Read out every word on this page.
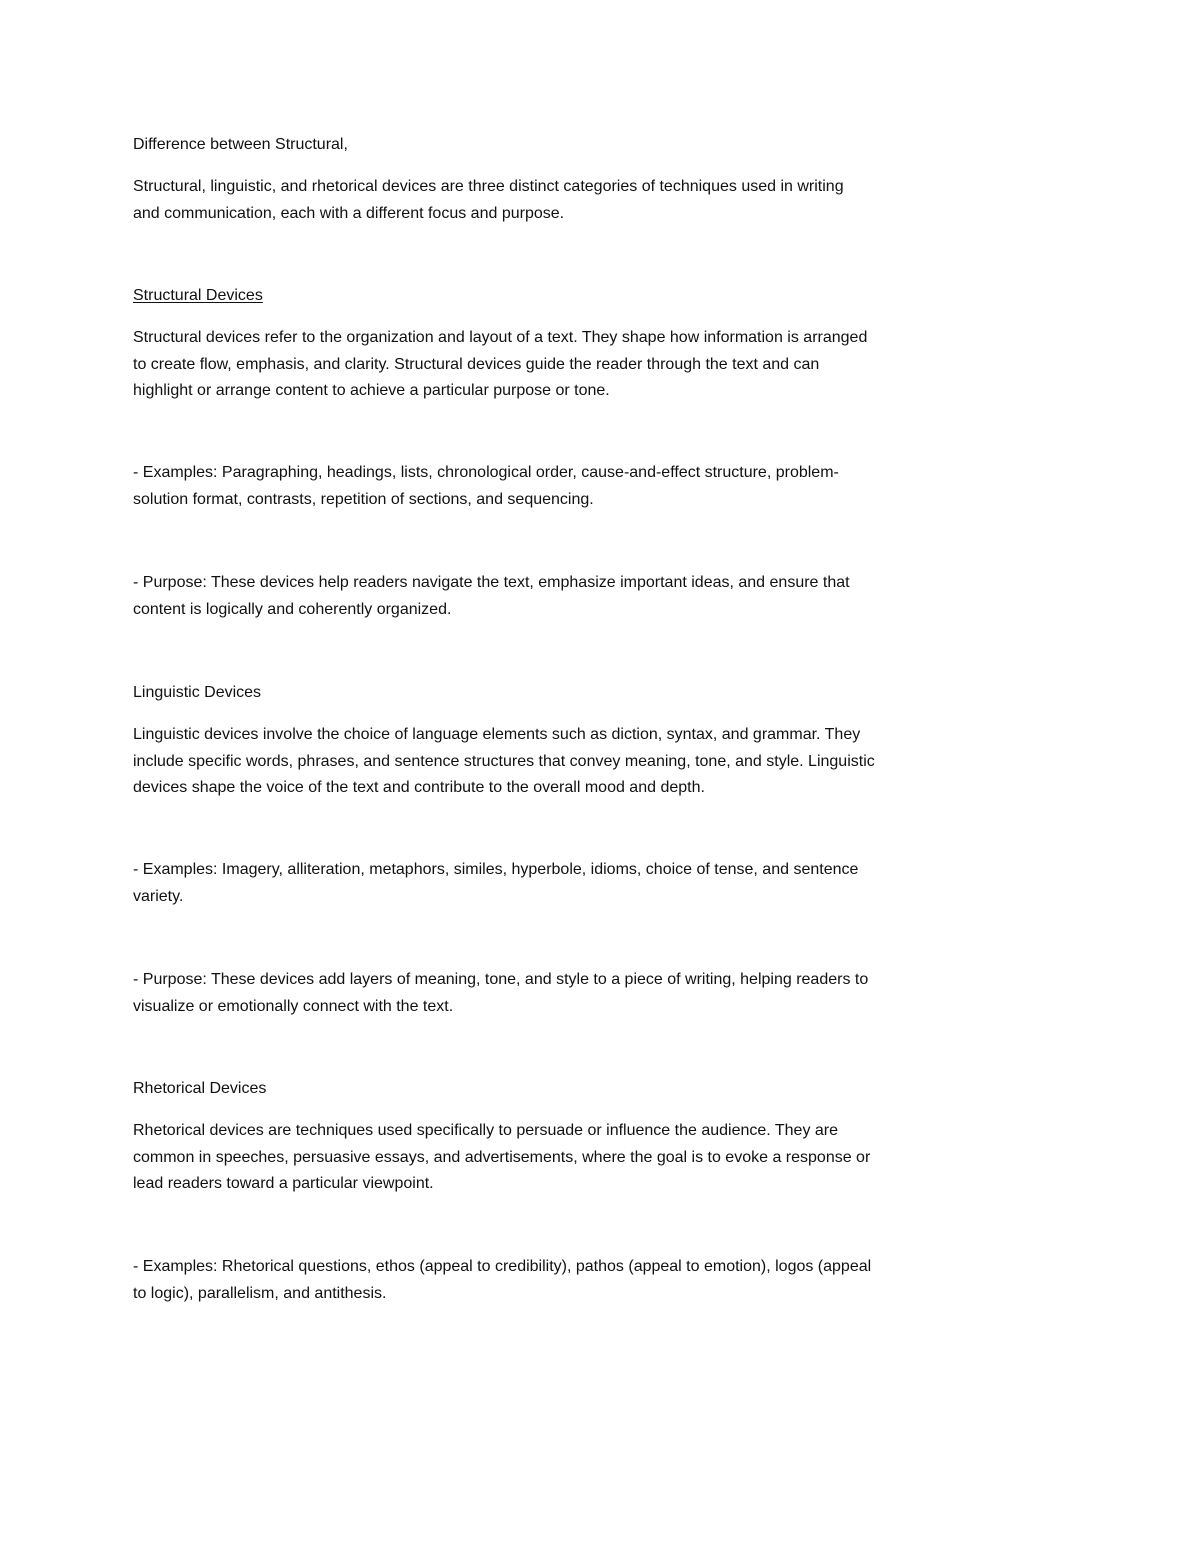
Difference between Structural,

Structural, linguistic, and rhetorical devices are three distinct categories of techniques used in writing
and communication, each with a different focus and purpose.

Structural Devices

Structural devices refer to the organization and layout of a text. They shape how information is arranged
to create flow, emphasis, and clarity. Structural devices guide the reader through the text and can
highlight or arrange content to achieve a particular purpose or tone.

- Examples: Paragraphing, headings, lists, chronological order, cause-and-effect structure, problem-
solution format, contrasts, repetition of sections, and sequencing.

- Purpose: These devices help readers navigate the text, emphasize important ideas, and ensure that
content is logically and coherently organized.

Linguistic Devices

Linguistic devices involve the choice of language elements such as diction, syntax, and grammar. They
include specific words, phrases, and sentence structures that convey meaning, tone, and style. Linguistic
devices shape the voice of the text and contribute to the overall mood and depth.

- Examples: Imagery, alliteration, metaphors, similes, hyperbole, idioms, choice of tense, and sentence
variety.

- Purpose: These devices add layers of meaning, tone, and style to a piece of writing, helping readers to
visualize or emotionally connect with the text.

Rhetorical Devices

Rhetorical devices are techniques used specifically to persuade or influence the audience. They are
common in speeches, persuasive essays, and advertisements, where the goal is to evoke a response or
lead readers toward a particular viewpoint.

- Examples: Rhetorical questions, ethos (appeal to credibility), pathos (appeal to emotion), logos (appeal
to logic), parallelism, and antithesis.
